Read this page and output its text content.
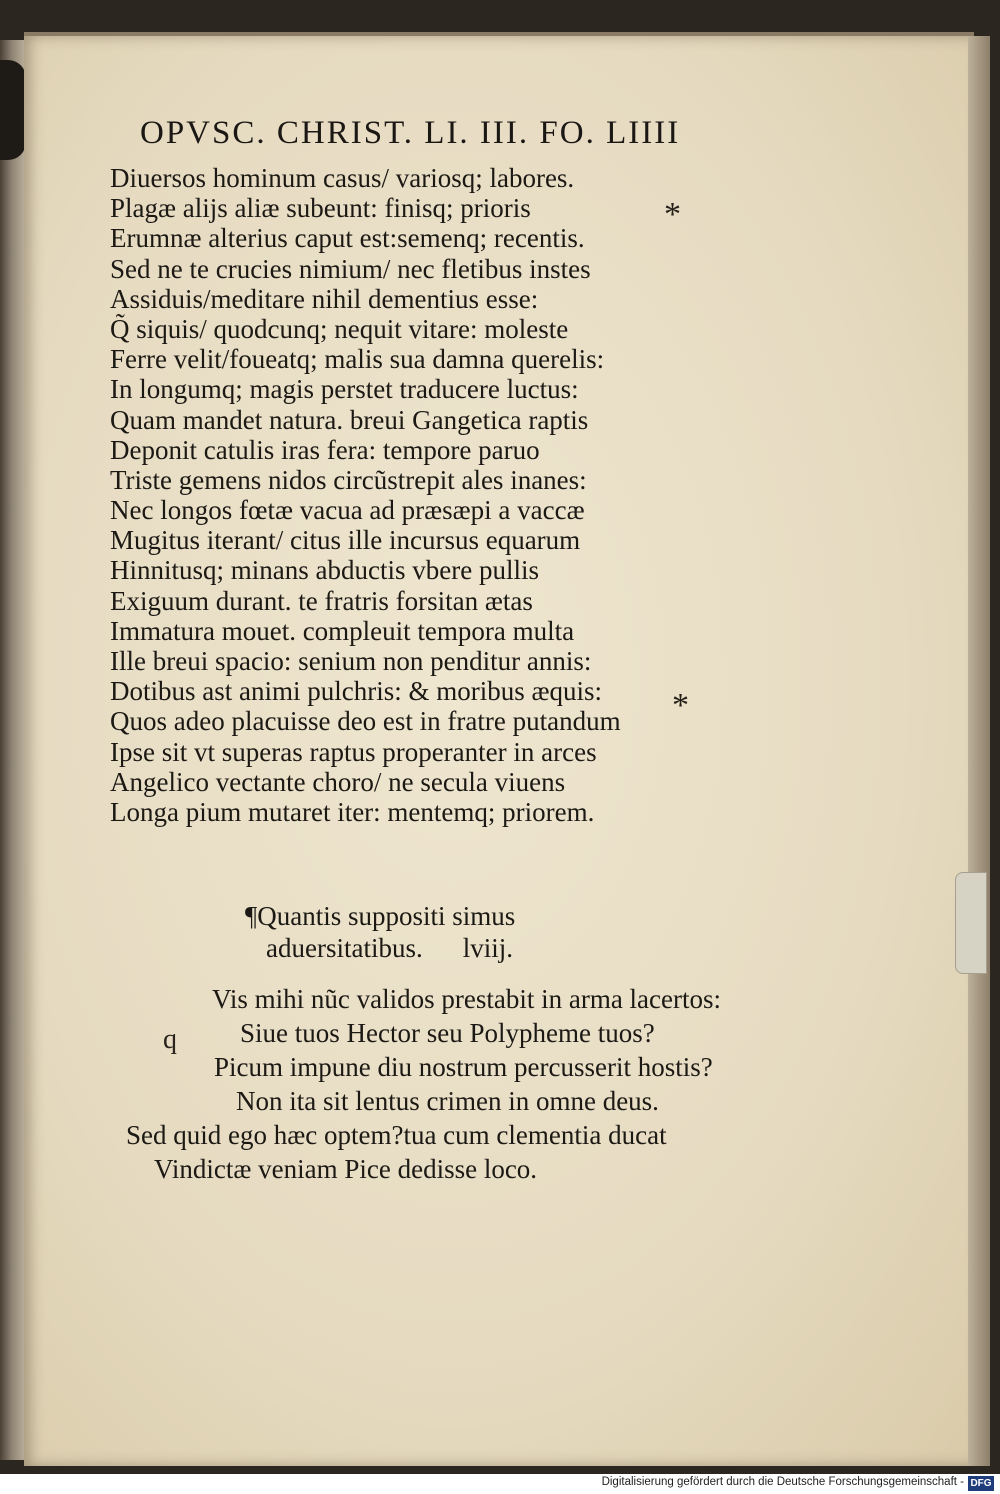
OPVSC. CHRIST. LI. III. FO. LIIII
Diuersos hominum casus/ variosq; labores.
Plagæ alijs aliæ subeunt: finisq; prioris
Erumnæ alterius caput est:semenq; recentis.
Sed ne te crucies nimium/ nec fletibus instes
Assiduis/meditare nihil dementius esse:
Q̃ siquis/ quodcunq; nequit vitare: moleste
Ferre velit/foueatq; malis sua damna querelis:
In longumq; magis perstet traducere luctus:
Quam mandet natura. breui Gangetica raptis
Deponit catulis iras fera: tempore paruo
Triste gemens nidos circũstrepit ales inanes:
Nec longos fœtæ vacua ad præsæpi a vaccæ
Mugitus iterant/ citus ille incursus equarum
Hinnitusq; minans abductis vbere pullis
Exiguum durant. te fratris forsitan ætas
Immatura mouet. compleuit tempora multa
Ille breui spacio: senium non penditur annis:
Dotibus ast animi pulchris: & moribus æquis:
Quos adeo placuisse deo est in fratre putandum
Ipse sit vt superas raptus properanter in arces
Angelico vectante choro/ ne secula viuens
Longa pium mutaret iter: mentemq; priorem.
*
*
¶Quantis suppositi simus
aduersitatibus. lviij.
q
Vis mihi nũc validos prestabit in arma lacertos:
Siue tuos Hector seu Polypheme tuos?
Picum impune diu nostrum percusserit hostis?
Non ita sit lentus crimen in omne deus.
Sed quid ego hæc optem?tua cum clementia ducat
Vindictæ veniam Pice dedisse loco.
Digitalisierung gefördert durch die Deutsche Forschungsgemeinschaft - DFG
